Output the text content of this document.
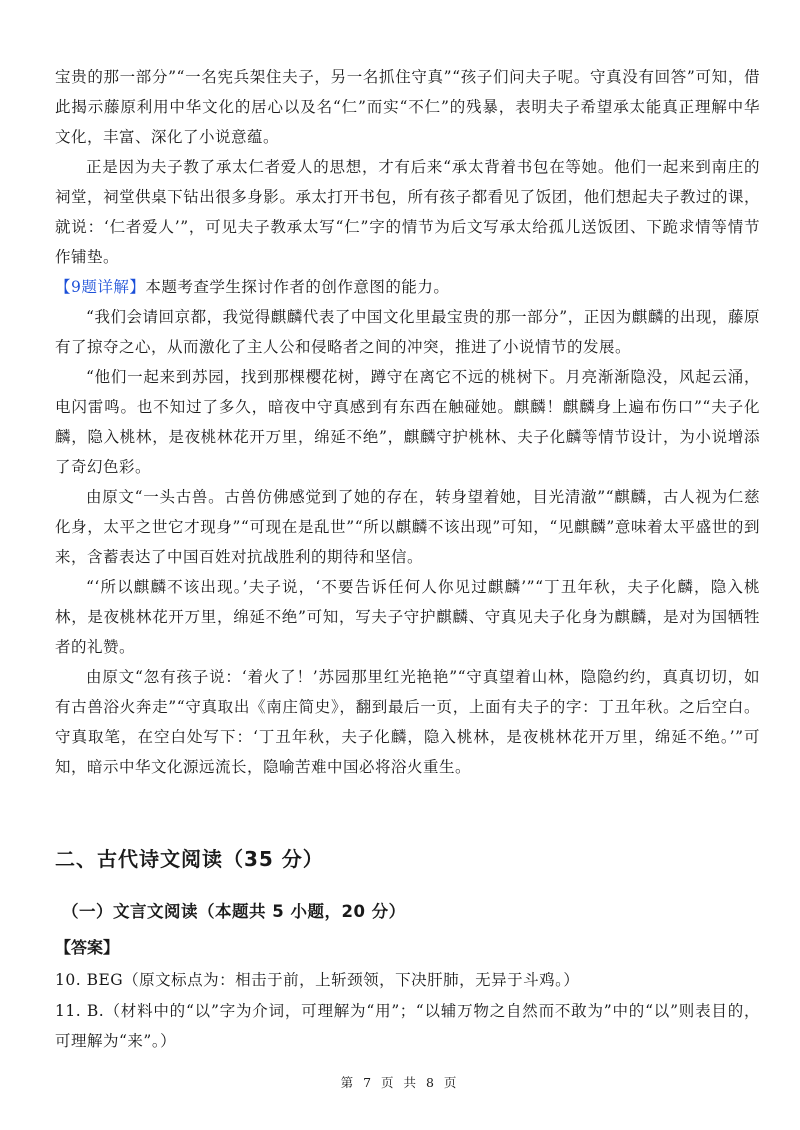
宝贵的那一部分”“一名宪兵架住夫子，另一名抓住守真”“孩子们问夫子呢。守真没有回答”可知，借此揭示藤原利用中华文化的居心以及名“仁”而实“不仁”的残暴，表明夫子希望承太能真正理解中华文化，丰富、深化了小说意蕴。

正是因为夫子教了承太仁者爱人的思想，才有后来“承太背着书包在等她。他们一起来到南庄的祠堂，祠堂供桌下钻出很多身影。承太打开书包，所有孩子都看见了饭团，他们想起夫子教过的课，就说：‘仁者爱人’”，可见夫子教承太写“仁”字的情节为后文写承太给孤儿送饭团、下跪求情等情节作铺垫。

【9题详解】本题考查学生探讨作者的创作意图的能力。

“我们会请回京都，我觉得麒麟代表了中国文化里最宝贵的那一部分”，正因为麒麟的出现，藤原有了掠夺之心，从而激化了主人公和侵略者之间的冲突，推进了小说情节的发展。

“他们一起来到苏园，找到那棵樱花树，蹲守在离它不远的桃树下。月亮渐渐隐没，风起云涌，电闪雷鸣。也不知过了多久，暗夜中守真感到有东西在触碰她。麒麟！麒麟身上遍布伤口”“夫子化麟，隐入桃林，是夜桃林花开万里，绵延不绝”，麒麟守护桃林、夫子化麟等情节设计，为小说增添了奇幻色彩。

由原文“一头古兽。古兽仿佛感觉到了她的存在，转身望着她，目光清澈”“麒麟，古人视为仁慈化身，太平之世它才现身”“可现在是乱世”“所以麒麟不该出现”可知，“见麒麟”意味着太平盛世的到来，含蓄表达了中国百姓对抗战胜利的期待和坚信。

“‘所以麒麟不该出现。’夫子说，‘不要告诉任何人你见过麒麟’”“丁丑年秋，夫子化麟，隐入桃林，是夜桃林花开万里，绵延不绝”可知，写夫子守护麒麟、守真见夫子化身为麒麟，是对为国牺牲者的礼赞。

由原文“忽有孩子说：‘着火了！’苏园那里红光艳艳”“守真望着山林，隐隐约约，真真切切，如有古兽浴火奔走”“守真取出《南庄简史》，翻到最后一页，上面有夫子的字：丁丑年秋。之后空白。守真取笔，在空白处写下：‘丁丑年秋，夫子化麟，隐入桃林，是夜桃林花开万里，绵延不绝。’”可知，暗示中华文化源远流长，隐喻苦难中国必将浴火重生。

二、古代诗文阅读（35 分）
（一）文言文阅读（本题共 5 小题，20 分）
【答案】

10. BEG（原文标点为：相击于前，上斩颈领，下决肝肺，无异于斗鸡。）

11. B.（材料中的“以”字为介词，可理解为“用”；“以辅万物之自然而不敢为”中的“以”则表目的，可理解为“来”。）

第 7 页 共 8 页
